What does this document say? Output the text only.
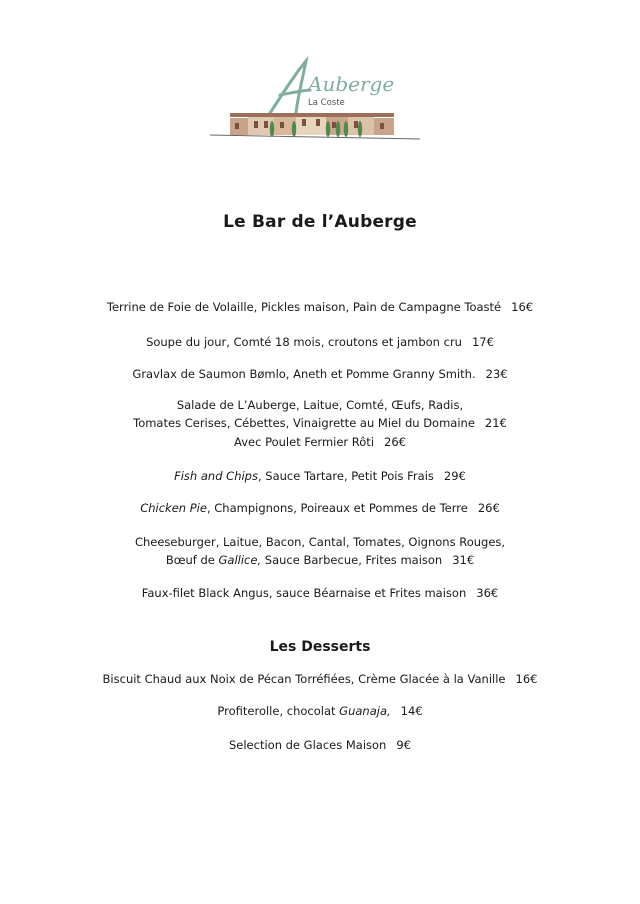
Auberge
La Coste
Le Bar de l’Auberge
Terrine de Foie de Volaille, Pickles maison, Pain de Campagne Toasté 16€
Soupe du jour, Comté 18 mois, croutons et jambon cru 17€
Gravlax de Saumon Bømlo, Aneth et Pomme Granny Smith. 23€
Salade de L’Auberge, Laitue, Comté, Œufs, Radis,
Tomates Cerises, Cébettes, Vinaigrette au Miel du Domaine 21€
Avec Poulet Fermier Rôti 26€
Fish and Chips, Sauce Tartare, Petit Pois Frais 29€
Chicken Pie, Champignons, Poireaux et Pommes de Terre 26€
Cheeseburger, Laitue, Bacon, Cantal, Tomates, Oignons Rouges,
Bœuf de Gallice, Sauce Barbecue, Frites maison 31€
Faux-filet Black Angus, sauce Béarnaise et Frites maison 36€
Les Desserts
Biscuit Chaud aux Noix de Pécan Torréfiées, Crème Glacée à la Vanille 16€
Profiterolle, chocolat Guanaja, 14€
Selection de Glaces Maison 9€
